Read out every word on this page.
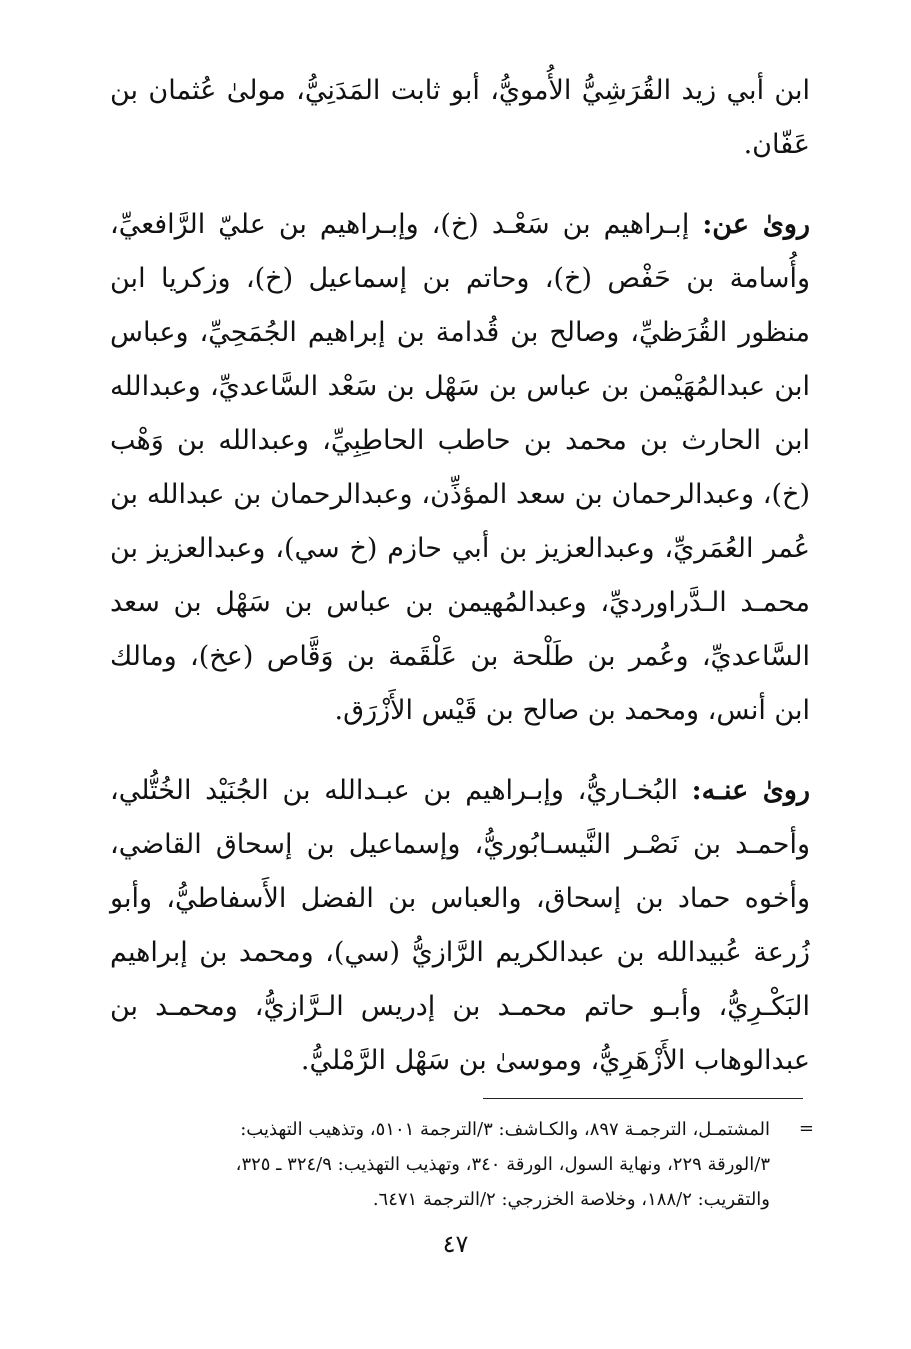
ابن أبي زيد القُرَشِيُّ الأُمويُّ، أبو ثابت المَدَنِيُّ، مولىٰ عُثمان بن عَفّان.

روىٰ عن: إبـراهيم بن سَعْـد (خ)، وإبـراهيم بن عليّ الرَّافعيِّ، وأُسامة بن حَفْص (خ)، وحاتم بن إسماعيل (خ)، وزكريا ابن منظور القُرَظيِّ، وصالح بن قُدامة بن إبراهيم الجُمَحِيِّ، وعباس ابن عبدالمُهَيْمن بن عباس بن سَهْل بن سَعْد السَّاعديِّ، وعبدالله ابن الحارث بن محمد بن حاطب الحاطِبِيِّ، وعبدالله بن وَهْب (خ)، وعبدالرحمان بن سعد المؤذِّن، وعبدالرحمان بن عبدالله بن عُمر العُمَريِّ، وعبدالعزيز بن أبي حازم (خ سي)، وعبدالعزيز بن محمـد الـدَّراورديِّ، وعبدالمُهيمن بن عباس بن سَهْل بن سعد السَّاعديِّ، وعُمر بن طَلْحة بن عَلْقَمة بن وَقَّاص (عخ)، ومالك ابن أنس، ومحمد بن صالح بن قَيْس الأَزْرَق.

روىٰ عنـه: البُخـاريُّ، وإبـراهيم بن عبـدالله بن الجُنَيْد الخُتُّلي، وأحمـد بن نَصْـر النَّيسـابُوريُّ، وإسماعيل بن إسحاق القاضي، وأخوه حماد بن إسحاق، والعباس بن الفضل الأَسفاطيُّ، وأبو زُرعة عُبيدالله بن عبدالكريم الرَّازيُّ (سي)، ومحمد بن إبراهيم البَكْـرِيُّ، وأبـو حاتم محمـد بن إدريس الـرَّازيُّ، ومحمـد بن عبدالوهاب الأَزْهَرِيُّ، وموسىٰ بن سَهْل الرَّمْليُّ.

=
المشتمـل، الترجمـة ٨٩٧، والكـاشف: ٣/الترجمة ٥١٠١، وتذهيب التهذيب:
٣/الورقة ٢٢٩، ونهاية السول، الورقة ٣٤٠، وتهذيب التهذيب: ٣٢٤/٩ ـ ٣٢٥،
والتقريب: ١٨٨/٢، وخلاصة الخزرجي: ٢/الترجمة ٦٤٧١.
٤٧
